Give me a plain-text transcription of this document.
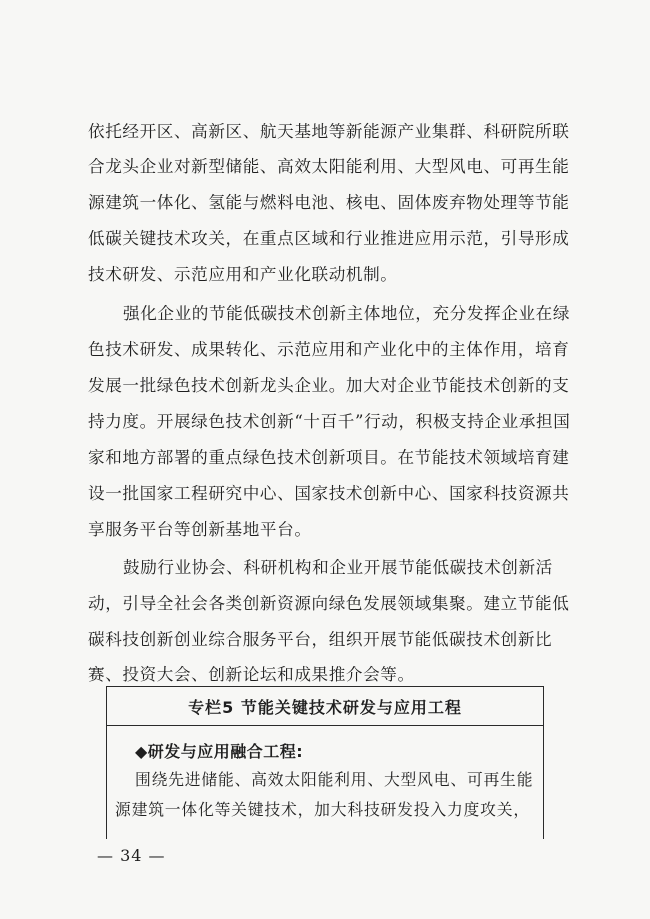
依托经开区、高新区、航天基地等新能源产业集群、科研院所联
合龙头企业对新型储能、高效太阳能利用、大型风电、可再生能
源建筑一体化、氢能与燃料电池、核电、固体废弃物处理等节能
低碳关键技术攻关，在重点区域和行业推进应用示范，引导形成
技术研发、示范应用和产业化联动机制。
强化企业的节能低碳技术创新主体地位，充分发挥企业在绿
色技术研发、成果转化、示范应用和产业化中的主体作用，培育
发展一批绿色技术创新龙头企业。加大对企业节能技术创新的支
持力度。开展绿色技术创新“十百千”行动，积极支持企业承担国
家和地方部署的重点绿色技术创新项目。在节能技术领域培育建
设一批国家工程研究中心、国家技术创新中心、国家科技资源共
享服务平台等创新基地平台。
鼓励行业协会、科研机构和企业开展节能低碳技术创新活
动，引导全社会各类创新资源向绿色发展领域集聚。建立节能低
碳科技创新创业综合服务平台，组织开展节能低碳技术创新比
赛、投资大会、创新论坛和成果推介会等。
专栏5 节能关键技术研发与应用工程
◆研发与应用融合工程:
围绕先进储能、高效太阳能利用、大型风电、可再生能
源建筑一体化等关键技术，加大科技研发投入力度攻关，
— 34 —
